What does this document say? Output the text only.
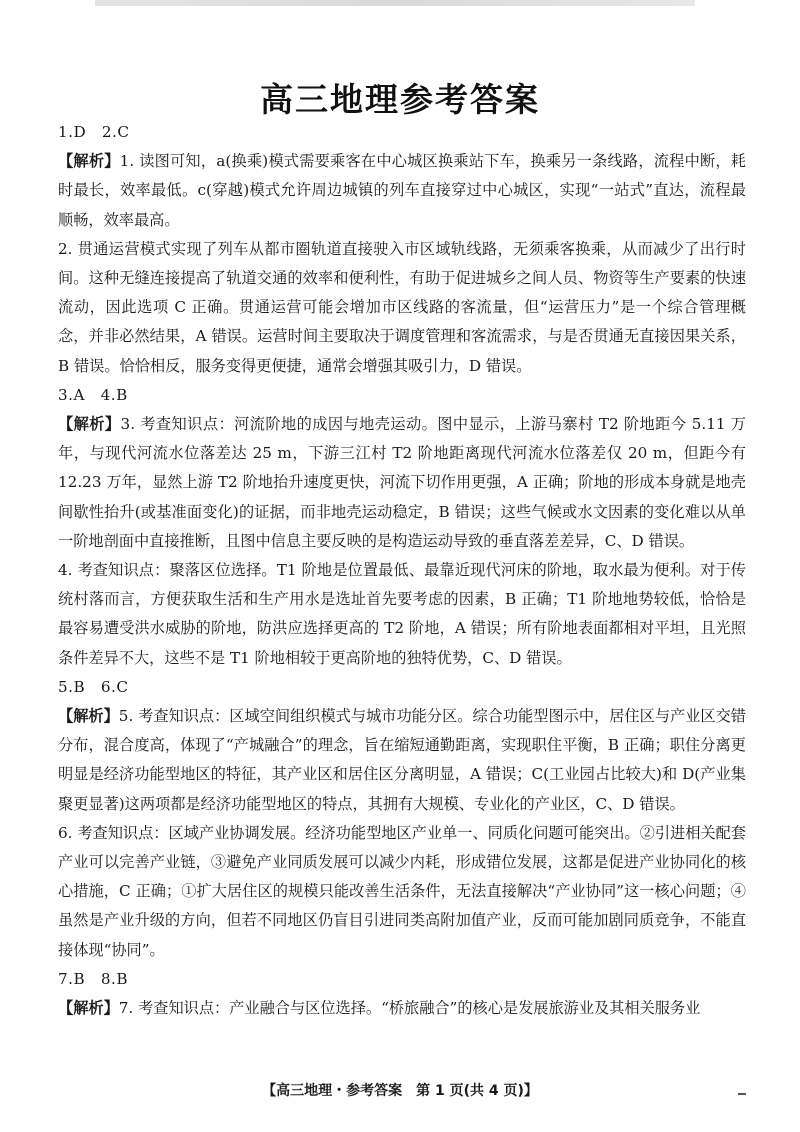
高三地理参考答案

1.D　2.C

【解析】1. 读图可知，a(换乘)模式需要乘客在中心城区换乘站下车，换乘另一条线路，流程中断，耗时最长，效率最低。c(穿越)模式允许周边城镇的列车直接穿过中心城区，实现“一站式”直达，流程最顺畅，效率最高。

2. 贯通运营模式实现了列车从都市圈轨道直接驶入市区域轨线路，无须乘客换乘，从而减少了出行时间。这种无缝连接提高了轨道交通的效率和便利性，有助于促进城乡之间人员、物资等生产要素的快速流动，因此选项 C 正确。贯通运营可能会增加市区线路的客流量，但“运营压力”是一个综合管理概念，并非必然结果，A 错误。运营时间主要取决于调度管理和客流需求，与是否贯通无直接因果关系，B 错误。恰恰相反，服务变得更便捷，通常会增强其吸引力，D 错误。

3.A　4.B

【解析】3. 考查知识点：河流阶地的成因与地壳运动。图中显示，上游马寨村 T2 阶地距今 5.11 万年，与现代河流水位落差达 25 m，下游三江村 T2 阶地距离现代河流水位落差仅 20 m，但距今有 12.23 万年，显然上游 T2 阶地抬升速度更快，河流下切作用更强，A 正确；阶地的形成本身就是地壳间歇性抬升(或基准面变化)的证据，而非地壳运动稳定，B 错误；这些气候或水文因素的变化难以从单一阶地剖面中直接推断，且图中信息主要反映的是构造运动导致的垂直落差差异，C、D 错误。

4. 考查知识点：聚落区位选择。T1 阶地是位置最低、最靠近现代河床的阶地，取水最为便利。对于传统村落而言，方便获取生活和生产用水是选址首先要考虑的因素，B 正确；T1 阶地地势较低，恰恰是最容易遭受洪水威胁的阶地，防洪应选择更高的 T2 阶地，A 错误；所有阶地表面都相对平坦，且光照条件差异不大，这些不是 T1 阶地相较于更高阶地的独特优势，C、D 错误。

5.B　6.C

【解析】5. 考查知识点：区域空间组织模式与城市功能分区。综合功能型图示中，居住区与产业区交错分布，混合度高，体现了“产城融合”的理念，旨在缩短通勤距离，实现职住平衡，B 正确；职住分离更明显是经济功能型地区的特征，其产业区和居住区分离明显，A 错误；C(工业园占比较大)和 D(产业集聚更显著)这两项都是经济功能型地区的特点，其拥有大规模、专业化的产业区，C、D 错误。

6. 考查知识点：区域产业协调发展。经济功能型地区产业单一、同质化问题可能突出。②引进相关配套产业可以完善产业链，③避免产业同质发展可以减少内耗，形成错位发展，这都是促进产业协同化的核心措施，C 正确；①扩大居住区的规模只能改善生活条件，无法直接解决“产业协同”这一核心问题；④虽然是产业升级的方向，但若不同地区仍盲目引进同类高附加值产业，反而可能加剧同质竞争，不能直接体现“协同”。

7.B　8.B

【解析】7. 考查知识点：产业融合与区位选择。“桥旅融合”的核心是发展旅游业及其相关服务业

【高三地理・参考答案　第 1 页(共 4 页)】
